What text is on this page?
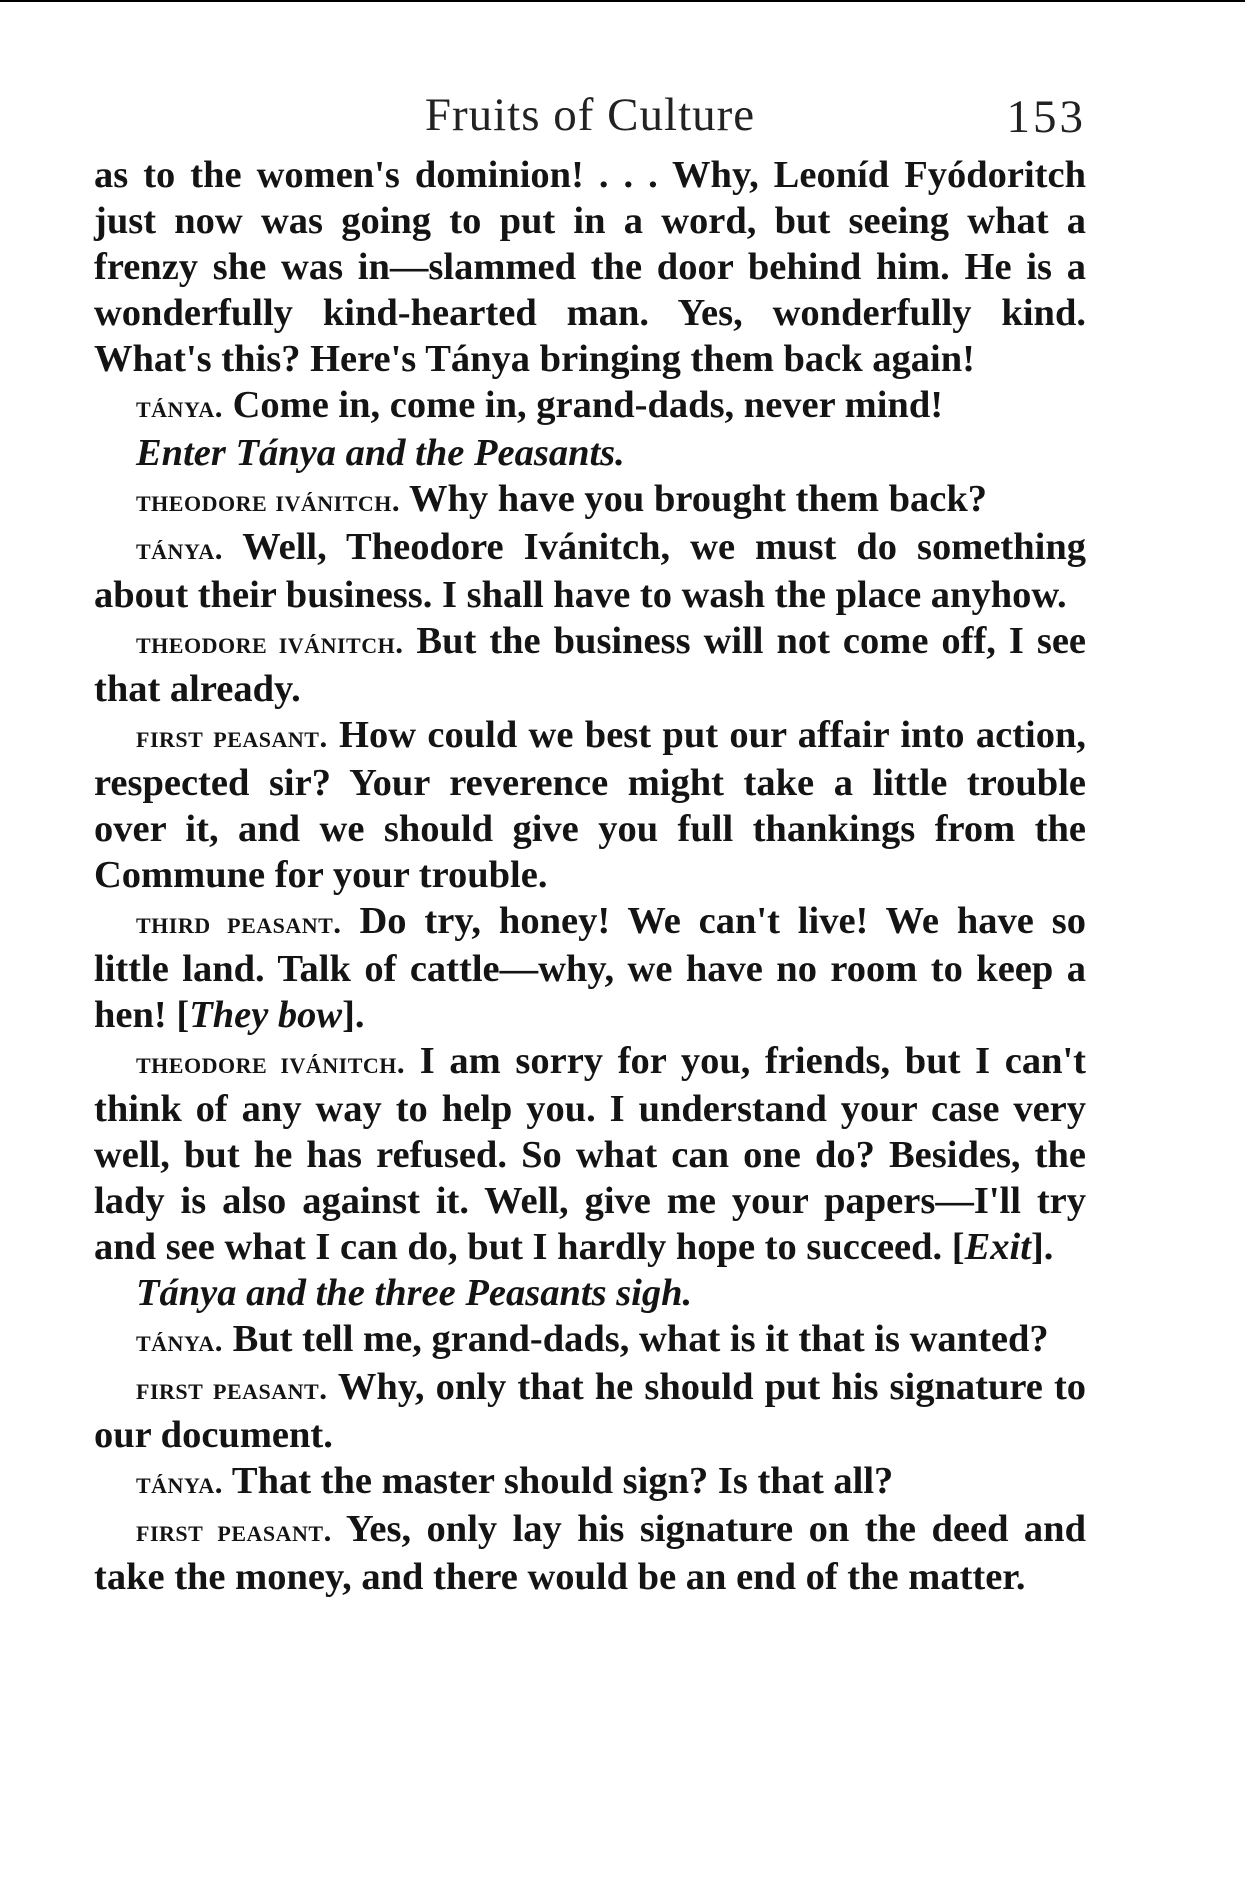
Fruits of Culture	153

as to the women's dominion! . . . Why, Leoníd Fyódoritch just now was going to put in a word, but seeing what a frenzy she was in—slammed the door behind him. He is a wonderfully kind-hearted man. Yes, wonderfully kind. What's this? Here's Tánya bringing them back again!

tánya. Come in, come in, grand-dads, never mind!

Enter Tánya and the Peasants.

theodore ivánitch. Why have you brought them back?

tánya. Well, Theodore Ivánitch, we must do something about their business. I shall have to wash the place anyhow.

theodore ivánitch. But the business will not come off, I see that already.

first peasant. How could we best put our affair into action, respected sir? Your reverence might take a little trouble over it, and we should give you full thankings from the Commune for your trouble.

third peasant. Do try, honey! We can't live! We have so little land. Talk of cattle—why, we have no room to keep a hen! [They bow].

theodore ivánitch. I am sorry for you, friends, but I can't think of any way to help you. I understand your case very well, but he has refused. So what can one do? Besides, the lady is also against it. Well, give me your papers—I'll try and see what I can do, but I hardly hope to succeed. [Exit].

Tánya and the three Peasants sigh.

tánya. But tell me, grand-dads, what is it that is wanted?

first peasant. Why, only that he should put his signature to our document.

tánya. That the master should sign? Is that all?

first peasant. Yes, only lay his signature on the deed and take the money, and there would be an end of the matter.
